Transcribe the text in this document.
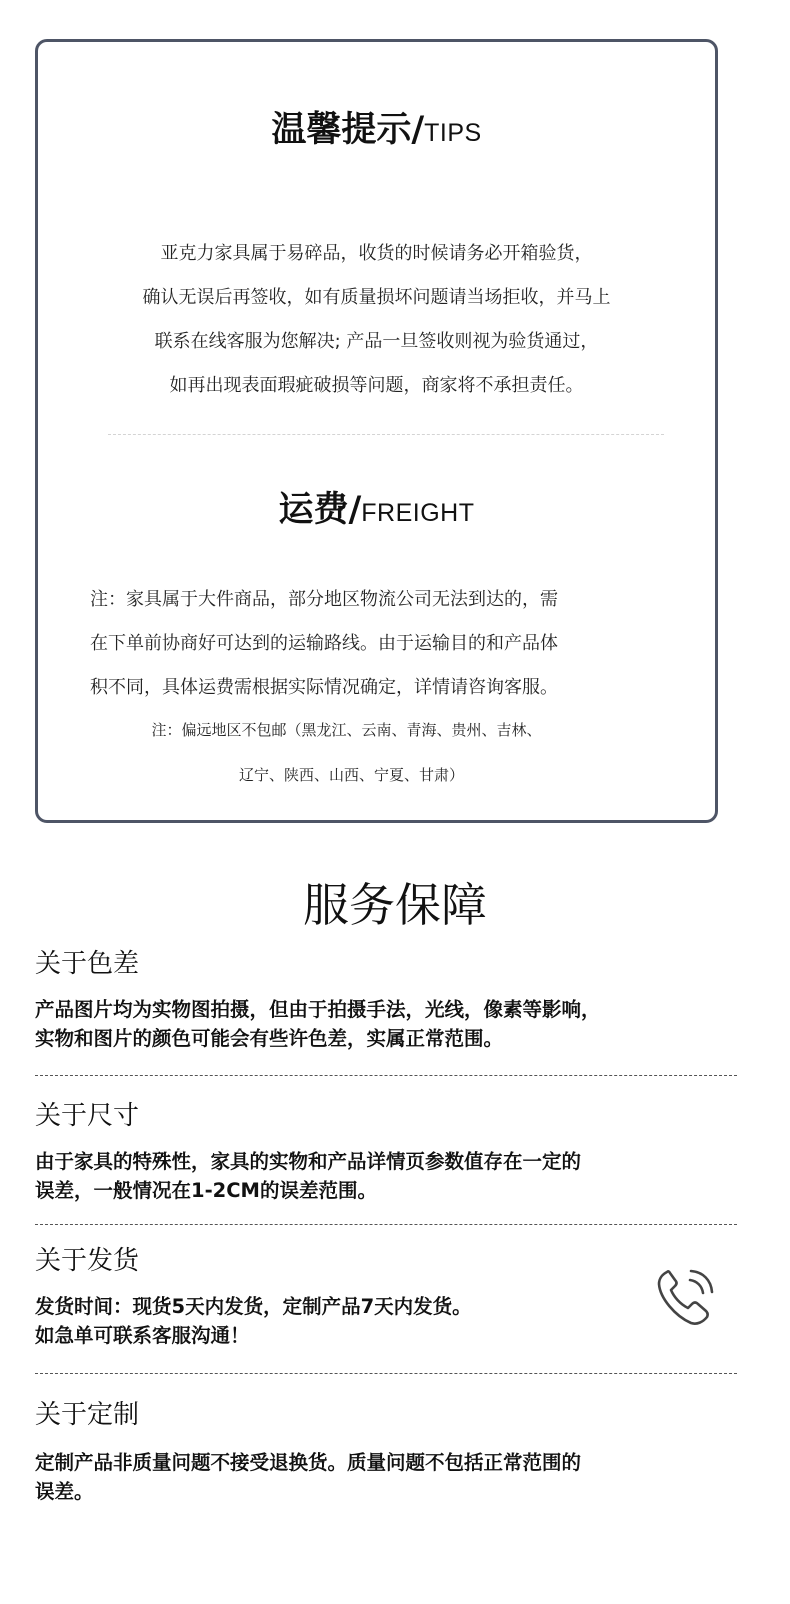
温馨提示/TIPS
亚克力家具属于易碎品，收货的时候请务必开箱验货，
确认无误后再签收，如有质量损坏问题请当场拒收，并马上
联系在线客服为您解决; 产品一旦签收则视为验货通过，
如再出现表面瑕疵破损等问题，商家将不承担责任。
运费/FREIGHT
注：家具属于大件商品，部分地区物流公司无法到达的，需
在下单前协商好可达到的运输路线。由于运输目的和产品体
积不同，具体运费需根据实际情况确定，详情请咨询客服。
注：偏远地区不包邮（黑龙江、云南、青海、贵州、吉林、
辽宁、陕西、山西、宁夏、甘肃）
服务保障
关于色差
产品图片均为实物图拍摄，但由于拍摄手法，光线，像素等影响，
实物和图片的颜色可能会有些许色差，实属正常范围。
关于尺寸
由于家具的特殊性，家具的实物和产品详情页参数值存在一定的
误差，一般情况在1-2CM的误差范围。
关于发货
发货时间：现货5天内发货，定制产品7天内发货。
如急单可联系客服沟通！
关于定制
定制产品非质量问题不接受退换货。质量问题不包括正常范围的
误差。
